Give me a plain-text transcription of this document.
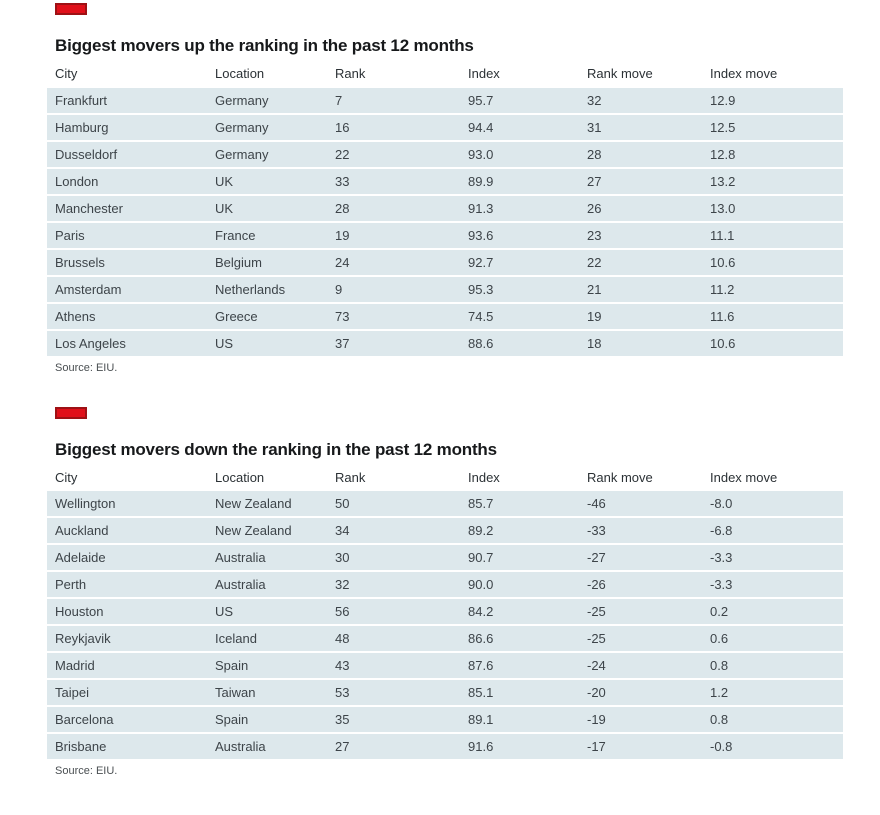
Biggest movers up the ranking in the past 12 months
City	Location	Rank	Index	Rank move	Index move
Frankfurt	Germany	7	95.7	32	12.9
Hamburg	Germany	16	94.4	31	12.5
Dusseldorf	Germany	22	93.0	28	12.8
London	UK	33	89.9	27	13.2
Manchester	UK	28	91.3	26	13.0
Paris	France	19	93.6	23	11.1
Brussels	Belgium	24	92.7	22	10.6
Amsterdam	Netherlands	9	95.3	21	11.2
Athens	Greece	73	74.5	19	11.6
Los Angeles	US	37	88.6	18	10.6
Source: EIU.
Biggest movers down the ranking in the past 12 months
City	Location	Rank	Index	Rank move	Index move
Wellington	New Zealand	50	85.7	-46	-8.0
Auckland	New Zealand	34	89.2	-33	-6.8
Adelaide	Australia	30	90.7	-27	-3.3
Perth	Australia	32	90.0	-26	-3.3
Houston	US	56	84.2	-25	0.2
Reykjavik	Iceland	48	86.6	-25	0.6
Madrid	Spain	43	87.6	-24	0.8
Taipei	Taiwan	53	85.1	-20	1.2
Barcelona	Spain	35	89.1	-19	0.8
Brisbane	Australia	27	91.6	-17	-0.8
Source: EIU.
